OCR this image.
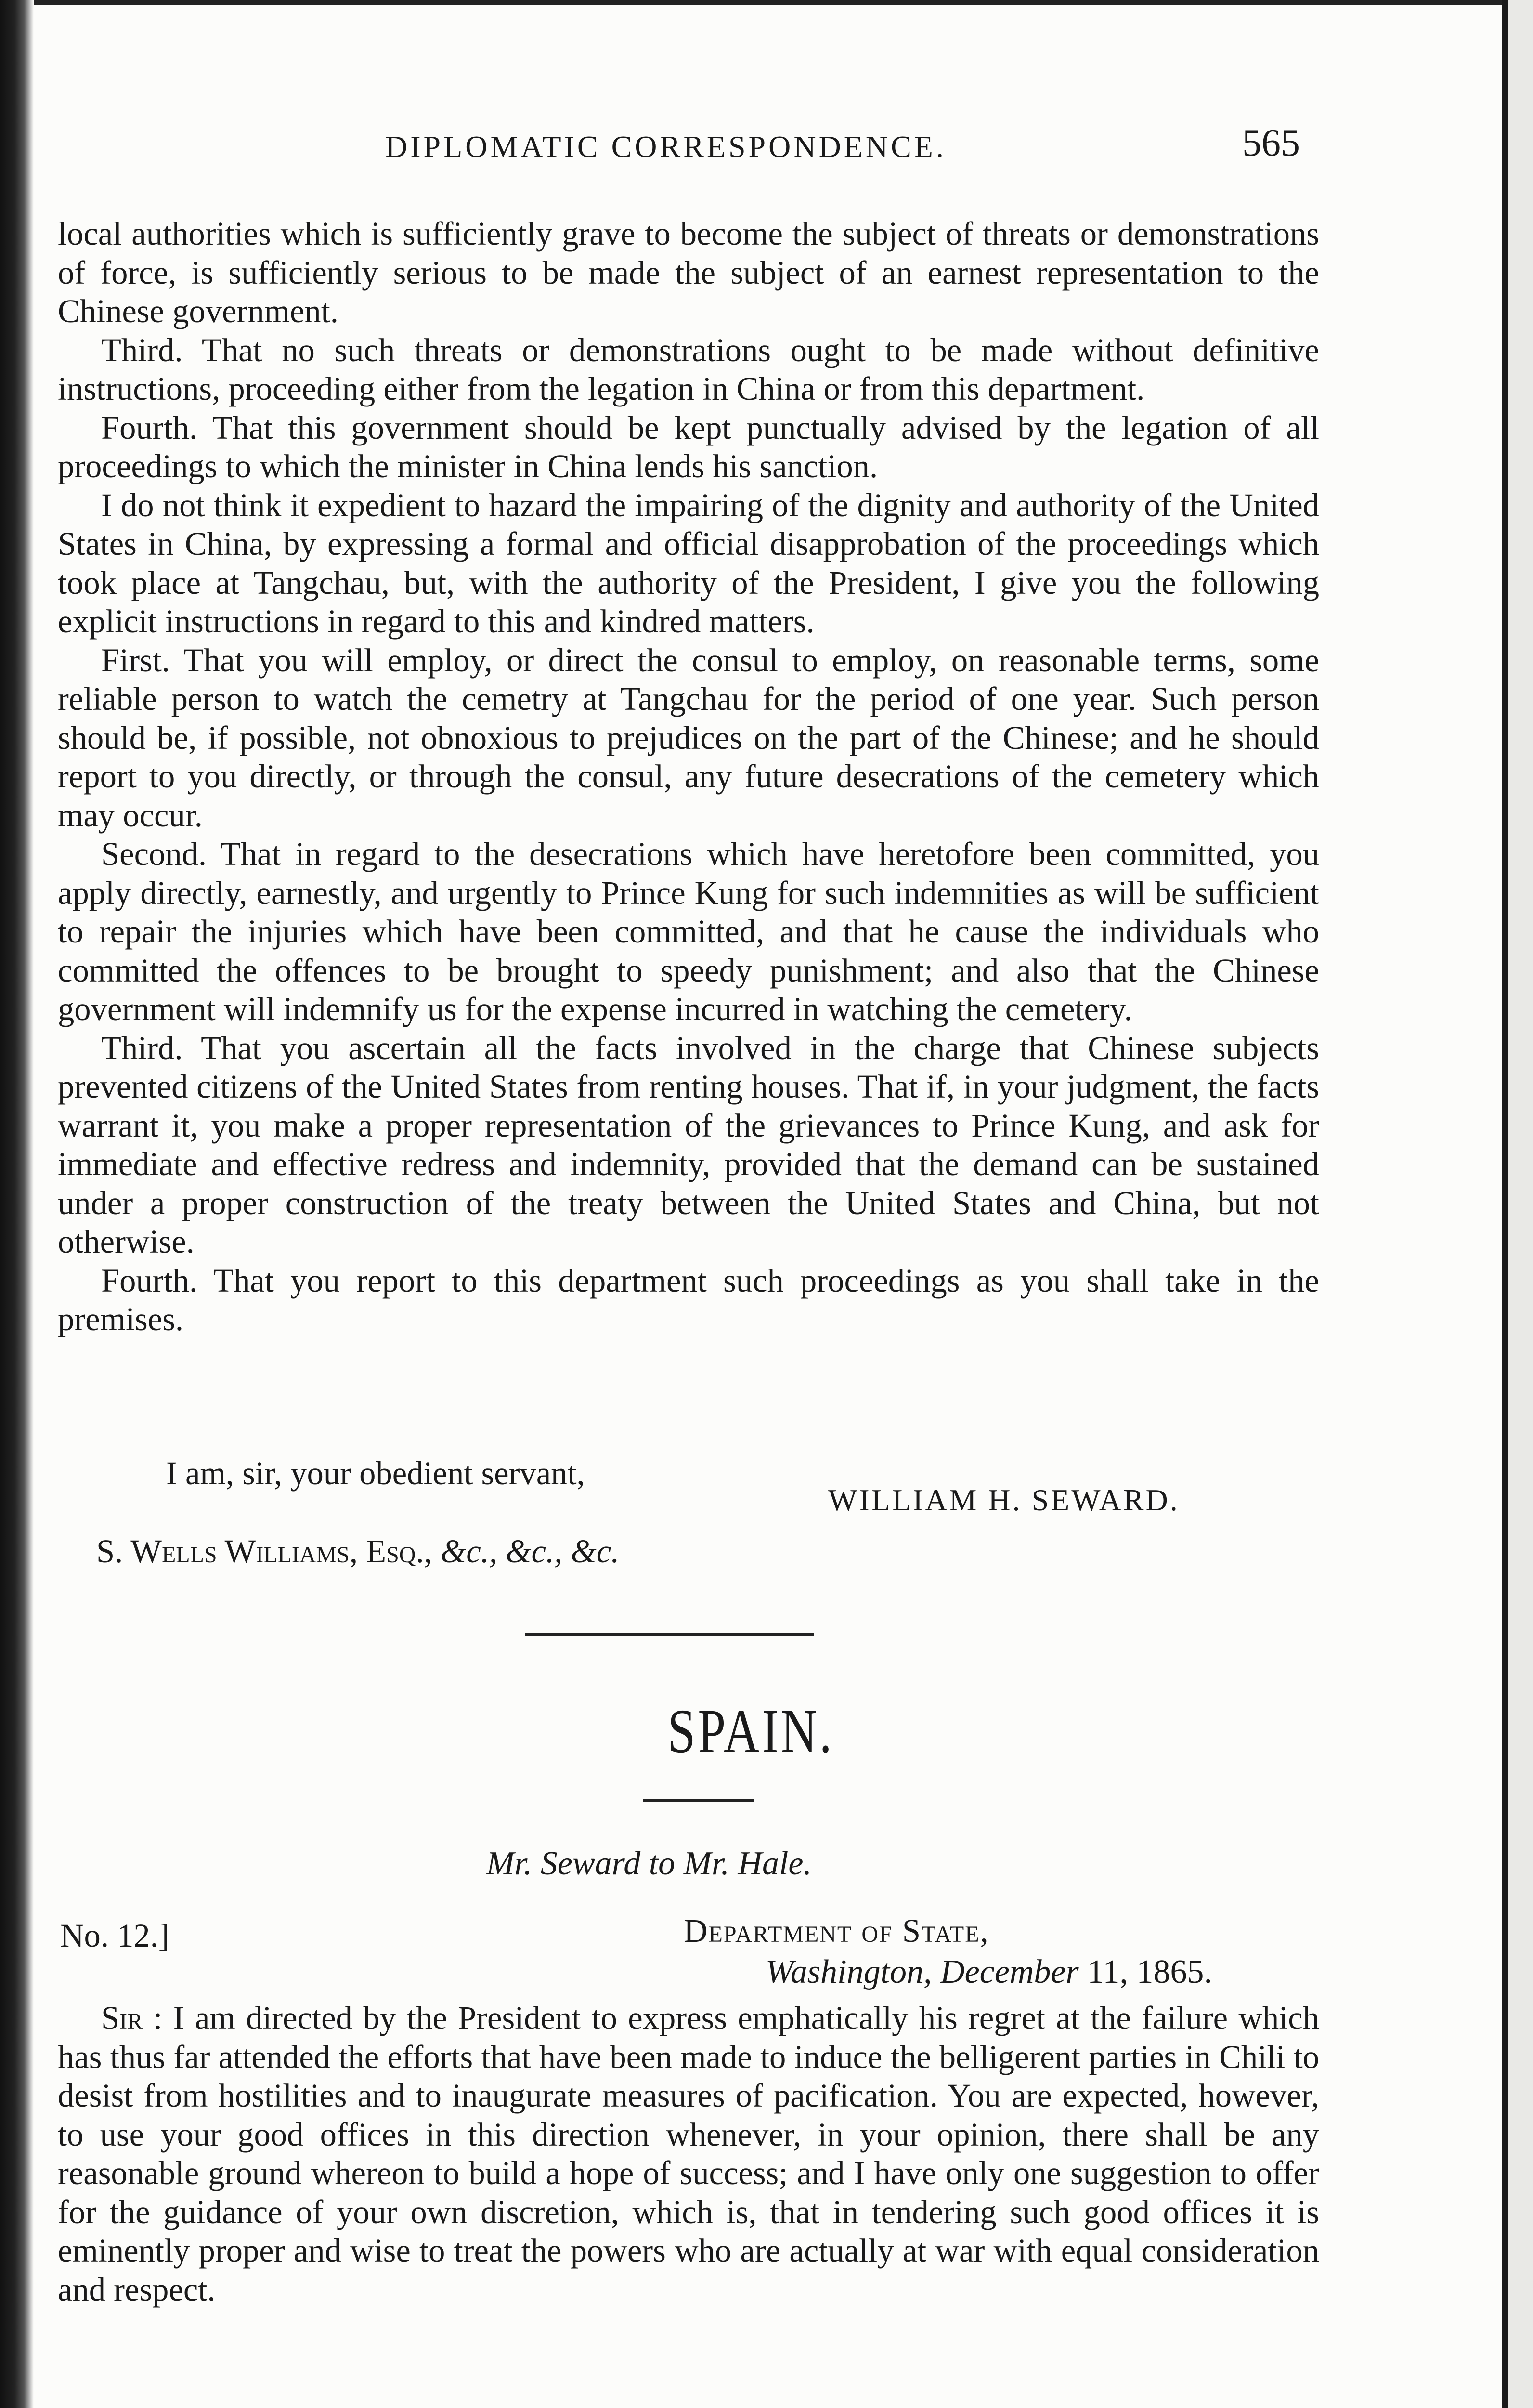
DIPLOMATIC CORRESPONDENCE.	565

local authorities which is sufficiently grave to become the subject of threats or demonstrations of force, is sufficiently serious to be made the subject of an earnest representation to the Chinese government.

Third. That no such threats or demonstrations ought to be made without definitive instructions, proceeding either from the legation in China or from this department.

Fourth. That this government should be kept punctually advised by the legation of all proceedings to which the minister in China lends his sanction.

I do not think it expedient to hazard the impairing of the dignity and authority of the United States in China, by expressing a formal and official disapprobation of the proceedings which took place at Tangchau, but, with the authority of the President, I give you the following explicit instructions in regard to this and kindred matters.

First. That you will employ, or direct the consul to employ, on reasonable terms, some reliable person to watch the cemetry at Tangchau for the period of one year. Such person should be, if possible, not obnoxious to prejudices on the part of the Chinese; and he should report to you directly, or through the consul, any future desecrations of the cemetery which may occur.

Second. That in regard to the desecrations which have heretofore been committed, you apply directly, earnestly, and urgently to Prince Kung for such indemnities as will be sufficient to repair the injuries which have been committed, and that he cause the individuals who committed the offences to be brought to speedy punishment; and also that the Chinese government will indemnify us for the expense incurred in watching the cemetery.

Third. That you ascertain all the facts involved in the charge that Chinese subjects prevented citizens of the United States from renting houses. That if, in your judgment, the facts warrant it, you make a proper representation of the grievances to Prince Kung, and ask for immediate and effective redress and indemnity, provided that the demand can be sustained under a proper construction of the treaty between the United States and China, but not otherwise.

Fourth. That you report to this department such proceedings as you shall take in the premises.

I am, sir, your obedient servant,
WILLIAM H. SEWARD.
S. Wells Williams, Esq., &c., &c., &c.
SPAIN.
Mr. Seward to Mr. Hale.
No. 12.]	Department of State,
Washington, December 11, 1865.

Sir : I am directed by the President to express emphatically his regret at the failure which has thus far attended the efforts that have been made to induce the belligerent parties in Chili to desist from hostilities and to inaugurate measures of pacification. You are expected, however, to use your good offices in this direction whenever, in your opinion, there shall be any reasonable ground whereon to build a hope of success; and I have only one suggestion to offer for the guidance of your own discretion, which is, that in tendering such good offices it is eminently proper and wise to treat the powers who are actually at war with equal consideration and respect.
